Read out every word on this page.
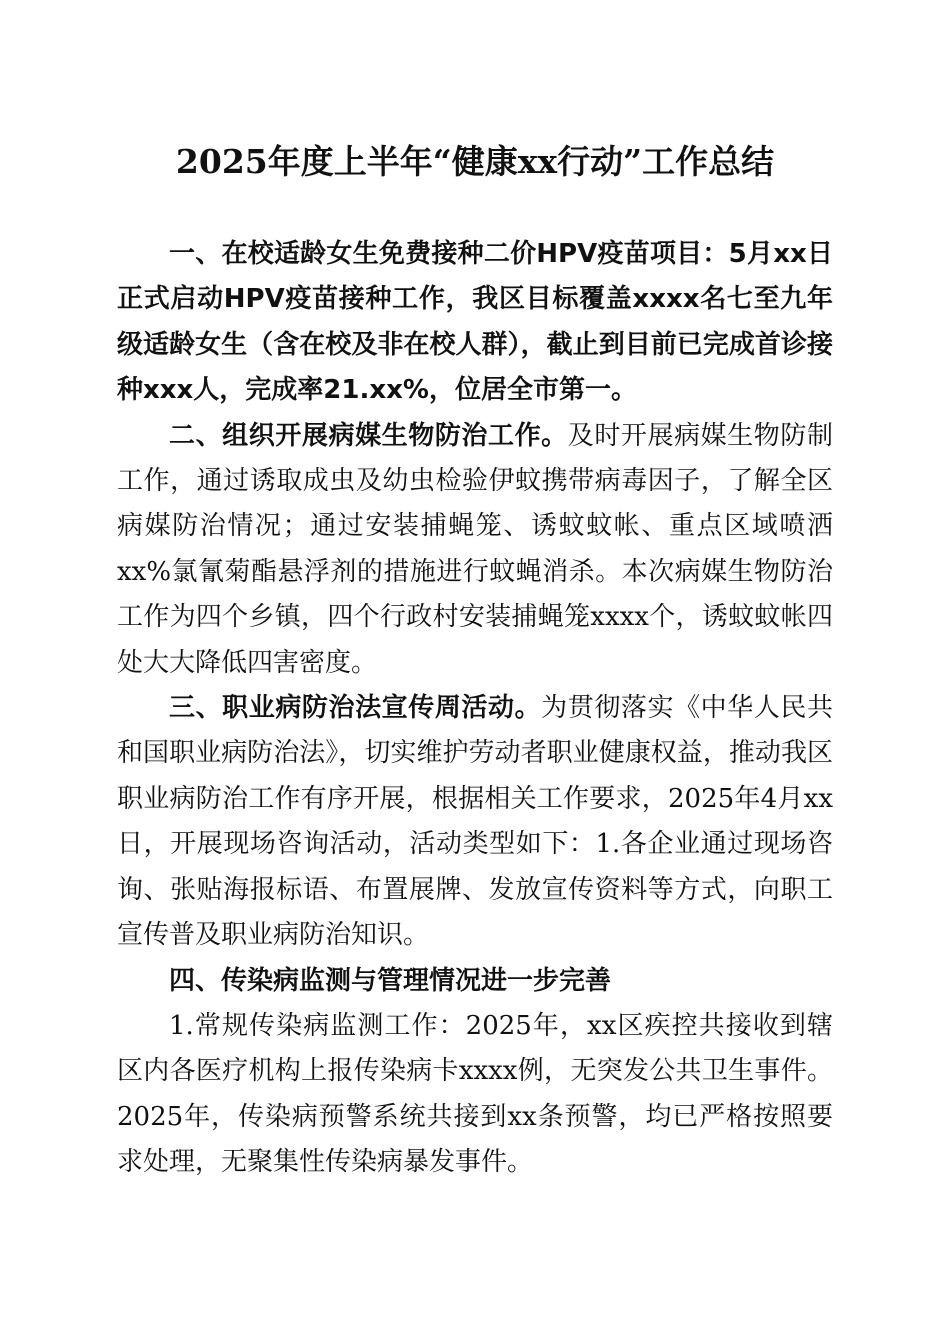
2025年度上半年“健康xx行动”工作总结

一、在校适龄女生免费接种二价HPV疫苗项目：5月xx日正式启动HPV疫苗接种工作，我区目标覆盖xxxx名七至九年级适龄女生（含在校及非在校人群），截止到目前已完成首诊接种xxx人，完成率21.xx%，位居全市第一。

二、组织开展病媒生物防治工作。及时开展病媒生物防制工作，通过诱取成虫及幼虫检验伊蚊携带病毒因子，了解全区病媒防治情况；通过安装捕蝇笼、诱蚊蚊帐、重点区域喷洒xx%氯氰菊酯悬浮剂的措施进行蚊蝇消杀。本次病媒生物防治工作为四个乡镇，四个行政村安装捕蝇笼xxxx个，诱蚊蚊帐四处大大降低四害密度。

三、职业病防治法宣传周活动。为贯彻落实《中华人民共和国职业病防治法》，切实维护劳动者职业健康权益，推动我区职业病防治工作有序开展，根据相关工作要求，2025年4月xx日，开展现场咨询活动，活动类型如下：1.各企业通过现场咨询、张贴海报标语、布置展牌、发放宣传资料等方式，向职工宣传普及职业病防治知识。

四、传染病监测与管理情况进一步完善

1.常规传染病监测工作：2025年，xx区疾控共接收到辖区内各医疗机构上报传染病卡xxxx例，无突发公共卫生事件。2025年，传染病预警系统共接到xx条预警，均已严格按照要求处理，无聚集性传染病暴发事件。
